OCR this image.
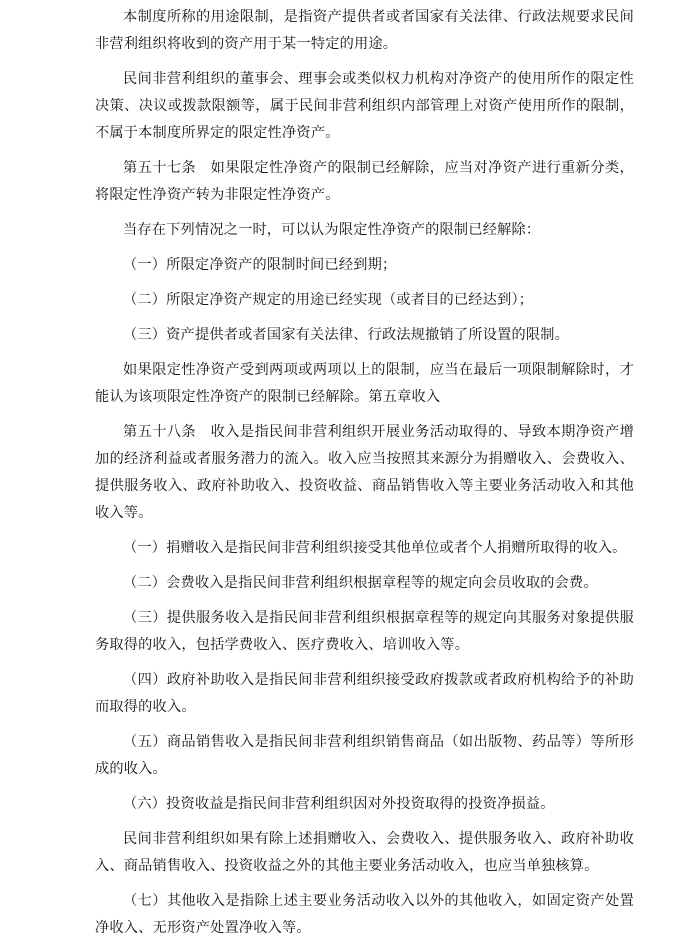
本制度所称的用途限制，是指资产提供者或者国家有关法律、行政法规要求民间非营利组织将收到的资产用于某一特定的用途。

民间非营利组织的董事会、理事会或类似权力机构对净资产的使用所作的限定性决策、决议或拨款限额等，属于民间非营利组织内部管理上对资产使用所作的限制，不属于本制度所界定的限定性净资产。

第五十七条　如果限定性净资产的限制已经解除，应当对净资产进行重新分类，将限定性净资产转为非限定性净资产。

当存在下列情况之一时，可以认为限定性净资产的限制已经解除：

（一）所限定净资产的限制时间已经到期；

（二）所限定净资产规定的用途已经实现（或者目的已经达到）；

（三）资产提供者或者国家有关法律、行政法规撤销了所设置的限制。

如果限定性净资产受到两项或两项以上的限制，应当在最后一项限制解除时，才能认为该项限定性净资产的限制已经解除。第五章收入

第五十八条　收入是指民间非营利组织开展业务活动取得的、导致本期净资产增加的经济利益或者服务潜力的流入。收入应当按照其来源分为捐赠收入、会费收入、提供服务收入、政府补助收入、投资收益、商品销售收入等主要业务活动收入和其他收入等。

（一）捐赠收入是指民间非营利组织接受其他单位或者个人捐赠所取得的收入。

（二）会费收入是指民间非营利组织根据章程等的规定向会员收取的会费。

（三）提供服务收入是指民间非营利组织根据章程等的规定向其服务对象提供服务取得的收入，包括学费收入、医疗费收入、培训收入等。

（四）政府补助收入是指民间非营利组织接受政府拨款或者政府机构给予的补助而取得的收入。

（五）商品销售收入是指民间非营利组织销售商品（如出版物、药品等）等所形成的收入。

（六）投资收益是指民间非营利组织因对外投资取得的投资净损益。

民间非营利组织如果有除上述捐赠收入、会费收入、提供服务收入、政府补助收入、商品销售收入、投资收益之外的其他主要业务活动收入，也应当单独核算。

（七）其他收入是指除上述主要业务活动收入以外的其他收入，如固定资产处置净收入、无形资产处置净收入等。
